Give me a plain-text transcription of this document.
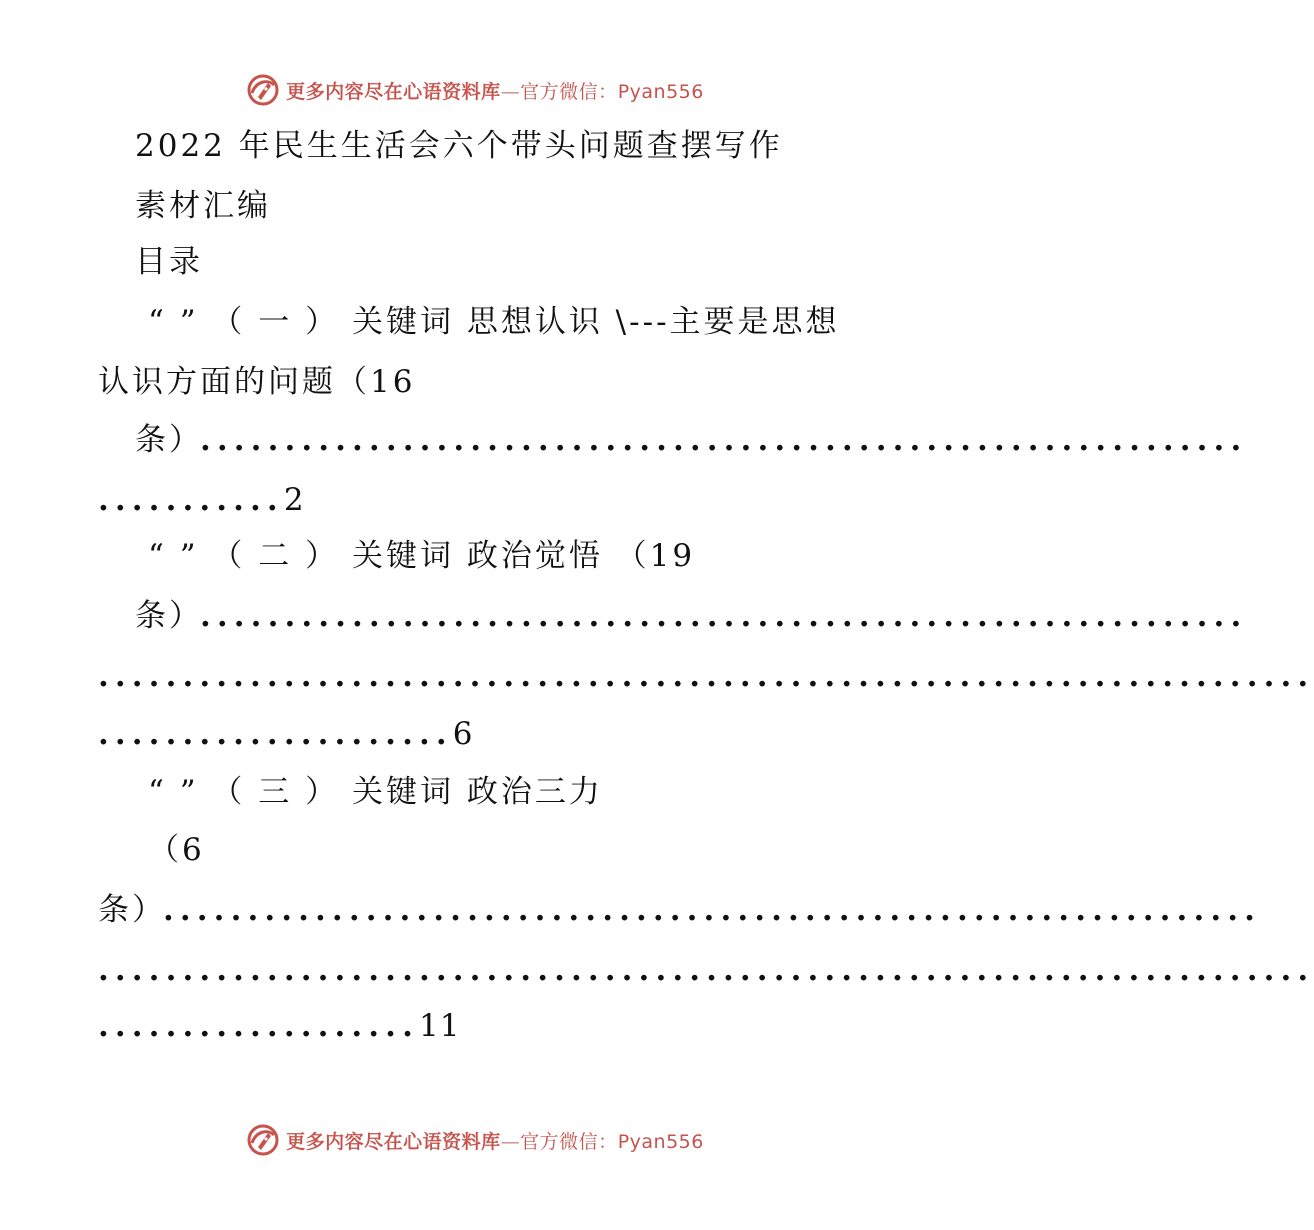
更多内容尽在心语资料库—官方微信：Pyan556
2022 年民生生活会六个带头问题查摆写作
素材汇编
目录
“ ” （ 一 ） 关键词 思想认识 \---主要是思想
认识方面的问题（16
条）
..............................................................
...........2
“ ” （ 二 ） 关键词 政治觉悟 （19
条）
..............................................................
........................................................................
.....................6
“ ” （ 三 ） 关键词 政治三力
（6
条）
.................................................................
........................................................................
...................11
更多内容尽在心语资料库—官方微信：Pyan556
